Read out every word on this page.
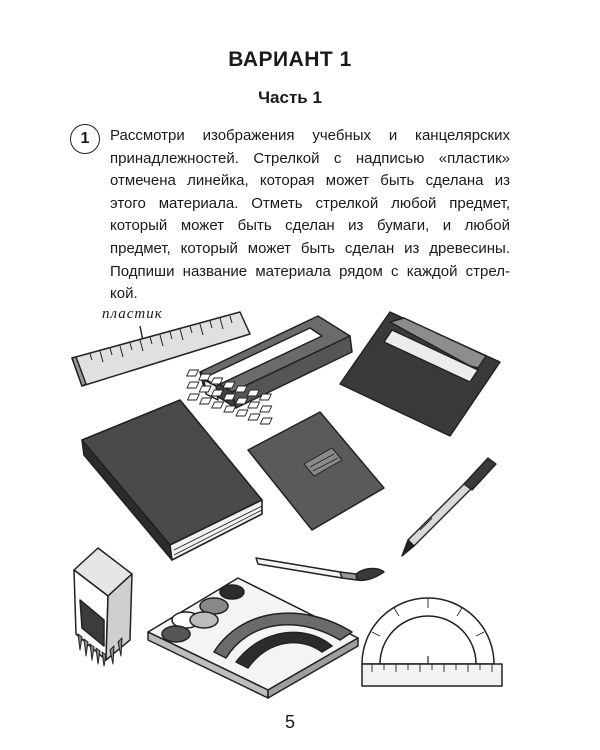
ВАРИАНТ 1
Часть 1
1	Рассмотри изображения учебных и канцелярских
принадлежностей. Стрелкой с надписью «пластик»
отмечена линейка, которая может быть сделана из
этого материала. Отметь стрелкой любой предмет,
который может быть сделан из бумаги, и любой
предмет, который может быть сделан из древесины.
Подпиши название материала рядом с каждой стрел-
кой.
пластик
5
